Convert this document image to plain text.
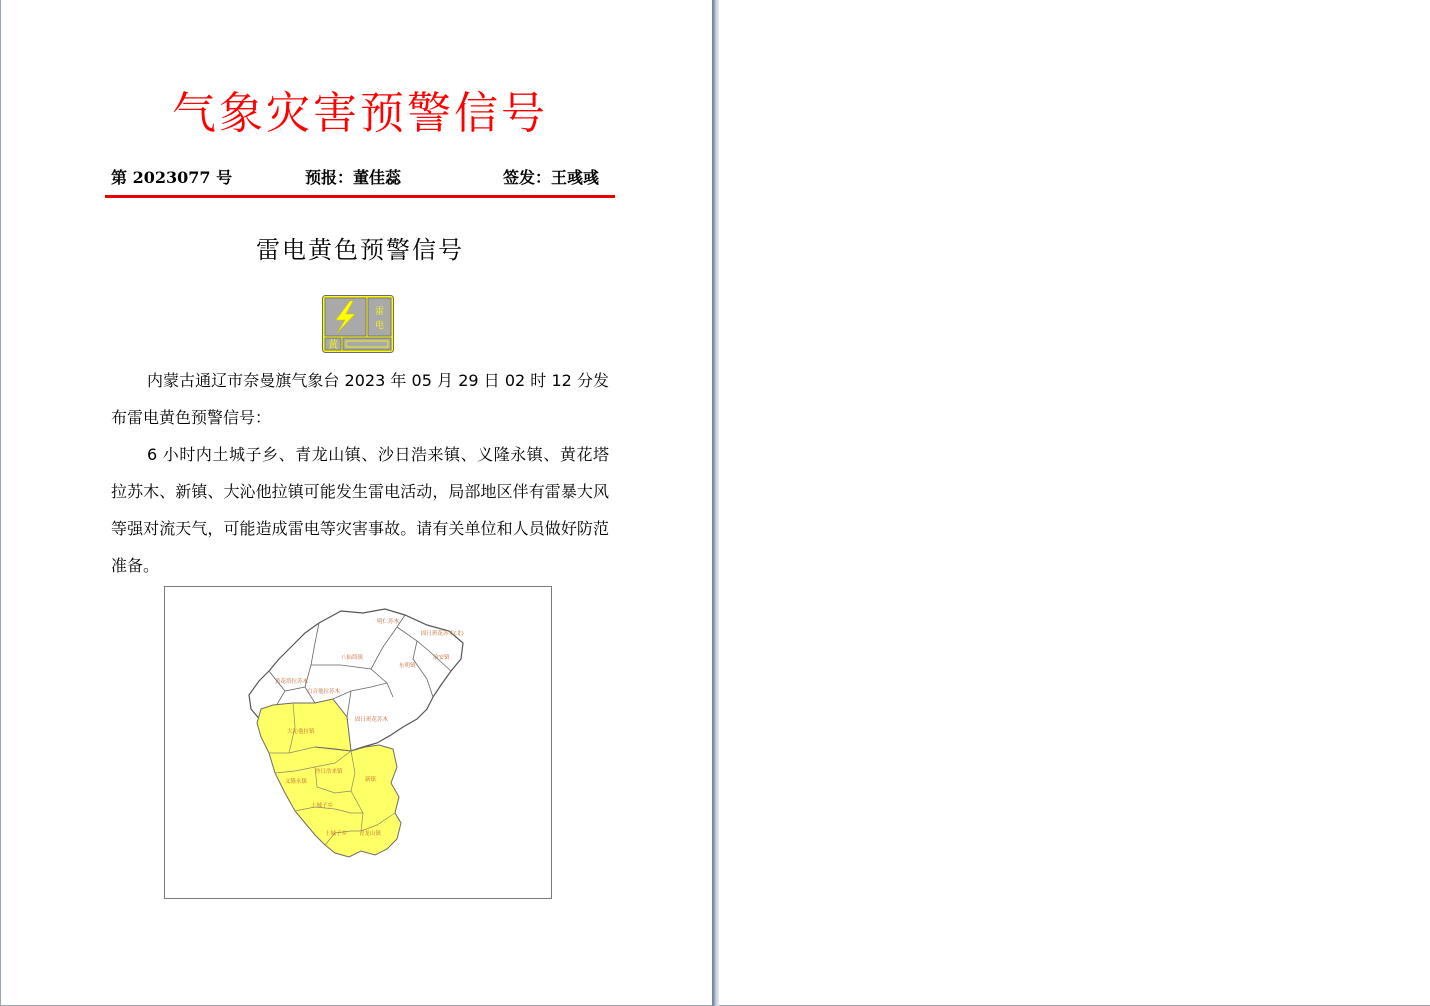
气象灾害预警信号
第 2023077 号	预报：董佳蕊	签发：王彧彧
雷电黄色预警信号
雷
电
黄

内蒙古通辽市奈曼旗气象台 2023 年 05 月 29 日 02 时 12 分发布雷电黄色预警信号：

6 小时内土城子乡、青龙山镇、沙日浩来镇、义隆永镇、黄花塔拉苏木、新镇、大沁他拉镇可能发生雷电活动，局部地区伴有雷暴大风等强对流天气，可能造成雷电等灾害事故。请有关单位和人员做好防范准备。

明仁苏木
固日班花苏木(北)
八仙筒镇
东明镇
治安镇
黄花塔拉苏木
白音他拉苏木
固日班花苏木
大沁他拉镇
沙日浩来镇
新镇
义隆永镇
土城子乡
青龙山镇
土城子乡
